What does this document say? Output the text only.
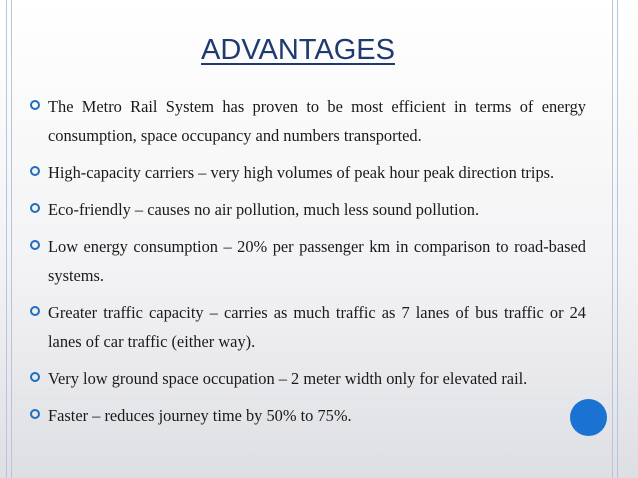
ADVANTAGES
The Metro Rail System has proven to be most efficient in terms of energy consumption, space occupancy and numbers transported.
High-capacity carriers – very high volumes of peak hour peak direction trips.
Eco-friendly – causes no air pollution, much less sound pollution.
Low energy consumption – 20% per passenger km in comparison to road-based systems.
Greater traffic capacity – carries as much traffic as 7 lanes of bus traffic or 24 lanes of car traffic (either way).
Very low ground space occupation – 2 meter width only for elevated rail.
Faster – reduces journey time by 50% to 75%.
